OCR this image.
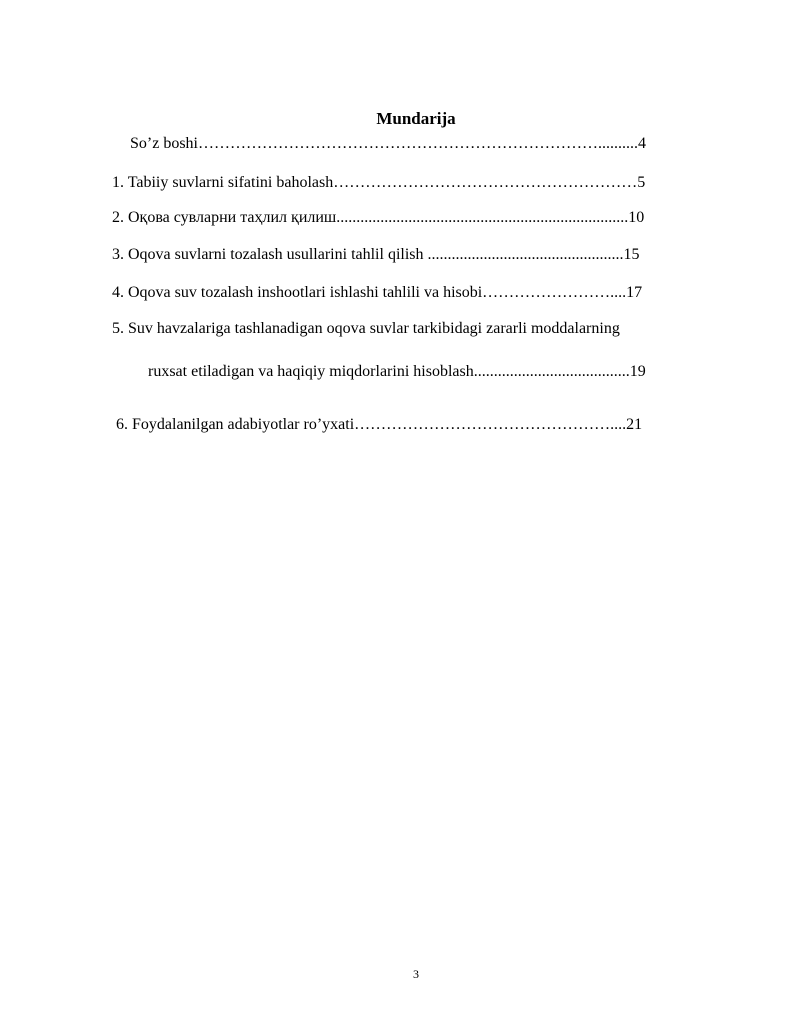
Mundarija
So’z boshi…………………………………………………………………..........4
1. Tabiiy suvlarni sifatini baholash…………………………………………………5
2. Оқова сувларни таҳлил қилиш.........................................................................10
3. Oqova suvlarni tozalash usullarini tahlil qilish .................................................15
4. Oqova suv tozalash inshootlari ishlashi tahlili va hisobi……………………....17
5. Suv havzalariga tashlanadigan oqova suvlar tarkibidagi zararli moddalarning
ruxsat etiladigan va haqiqiy miqdorlarini hisoblash.......................................19
6. Foydalanilgan adabiyotlar ro’yxati…………………………………………....21
3
